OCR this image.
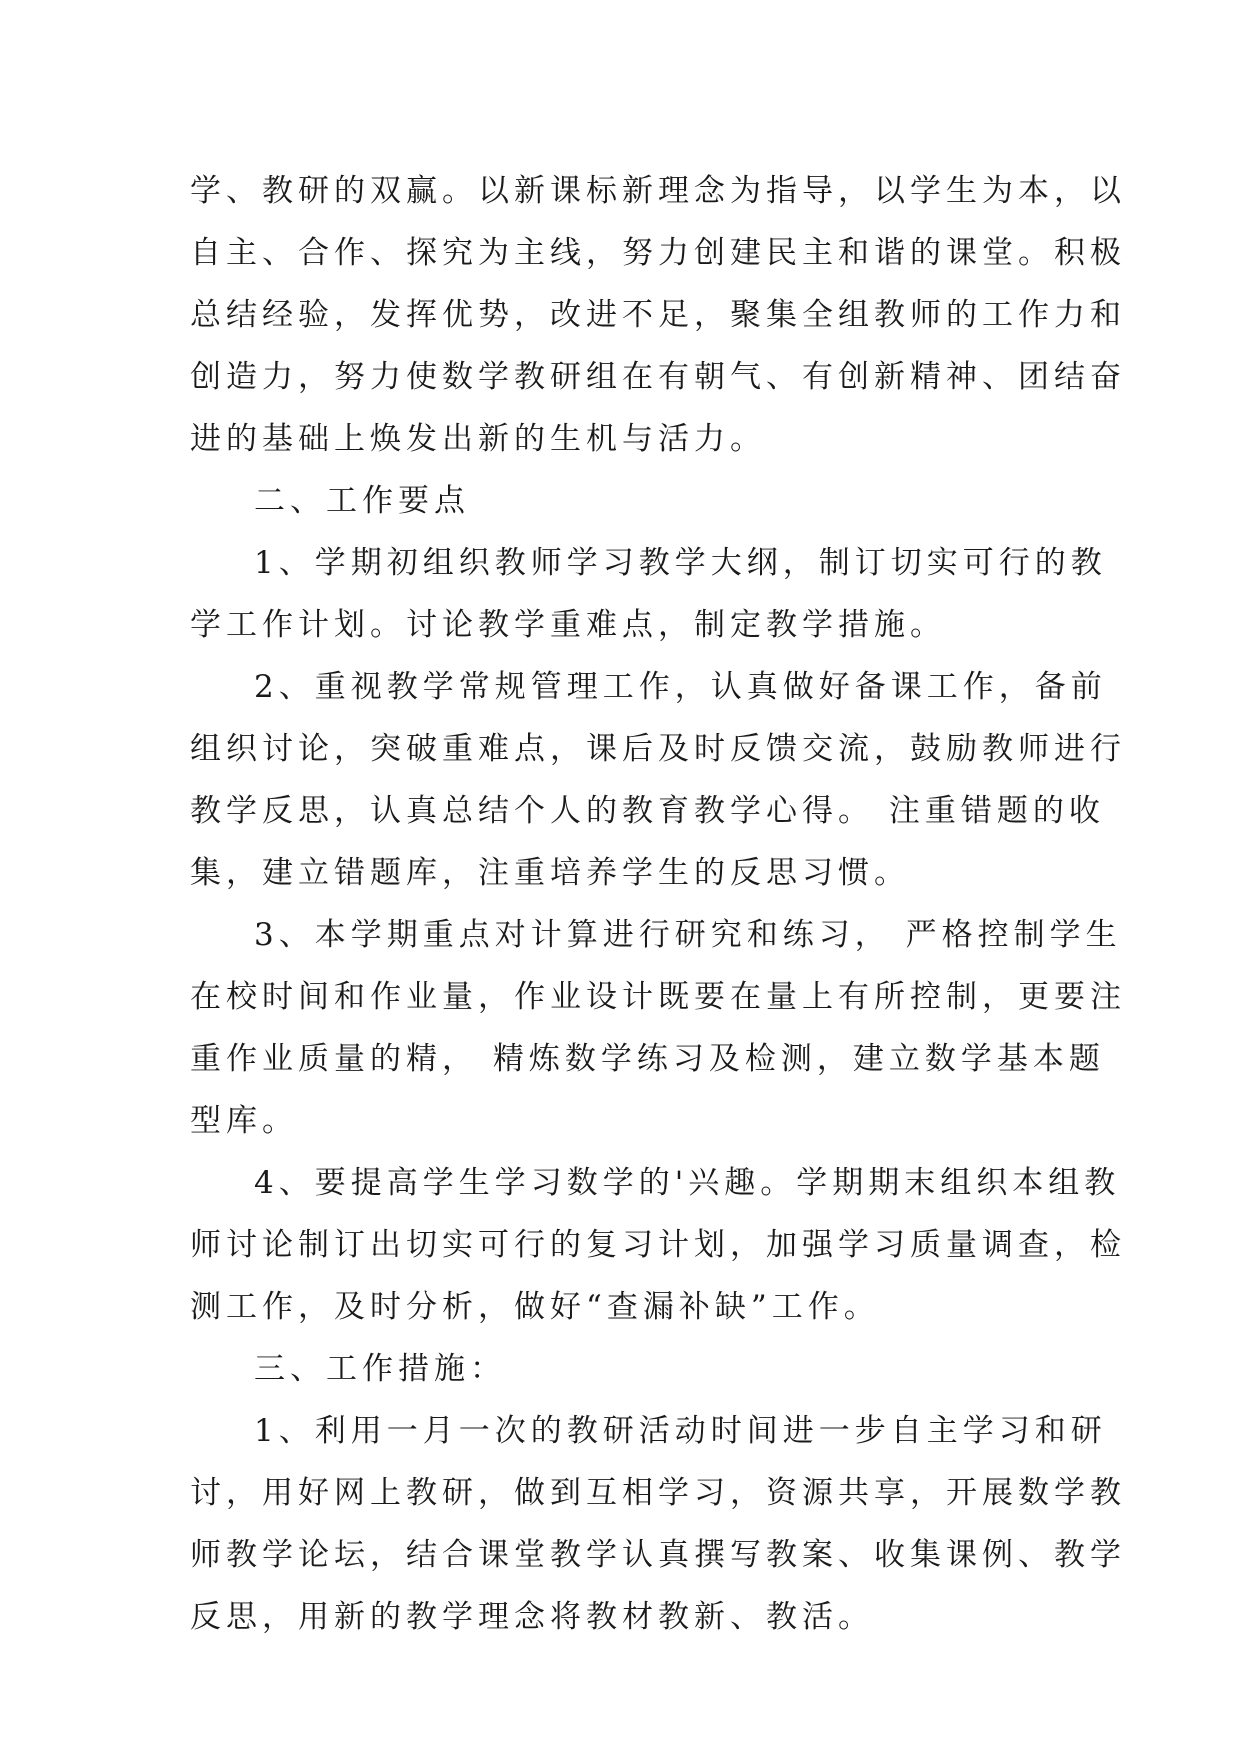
学、教研的双赢。以新课标新理念为指导，以学生为本，以

自主、合作、探究为主线，努力创建民主和谐的课堂。积极

总结经验，发挥优势，改进不足，聚集全组教师的工作力和

创造力，努力使数学教研组在有朝气、有创新精神、团结奋

进的基础上焕发出新的生机与活力。

二、工作要点

1、学期初组织教师学习教学大纲，制订切实可行的教

学工作计划。讨论教学重难点，制定教学措施。

2、重视教学常规管理工作，认真做好备课工作，备前

组织讨论，突破重难点，课后及时反馈交流，鼓励教师进行

教学反思，认真总结个人的教育教学心得。 注重错题的收

集，建立错题库，注重培养学生的反思习惯。

3、本学期重点对计算进行研究和练习， 严格控制学生

在校时间和作业量，作业设计既要在量上有所控制，更要注

重作业质量的精， 精炼数学练习及检测，建立数学基本题

型库。

4、要提高学生学习数学的'兴趣。学期期末组织本组教

师讨论制订出切实可行的复习计划，加强学习质量调查，检

测工作，及时分析，做好“查漏补缺”工作。

三、工作措施：

1、利用一月一次的教研活动时间进一步自主学习和研

讨，用好网上教研，做到互相学习，资源共享，开展数学教

师教学论坛，结合课堂教学认真撰写教案、收集课例、教学

反思，用新的教学理念将教材教新、教活。
